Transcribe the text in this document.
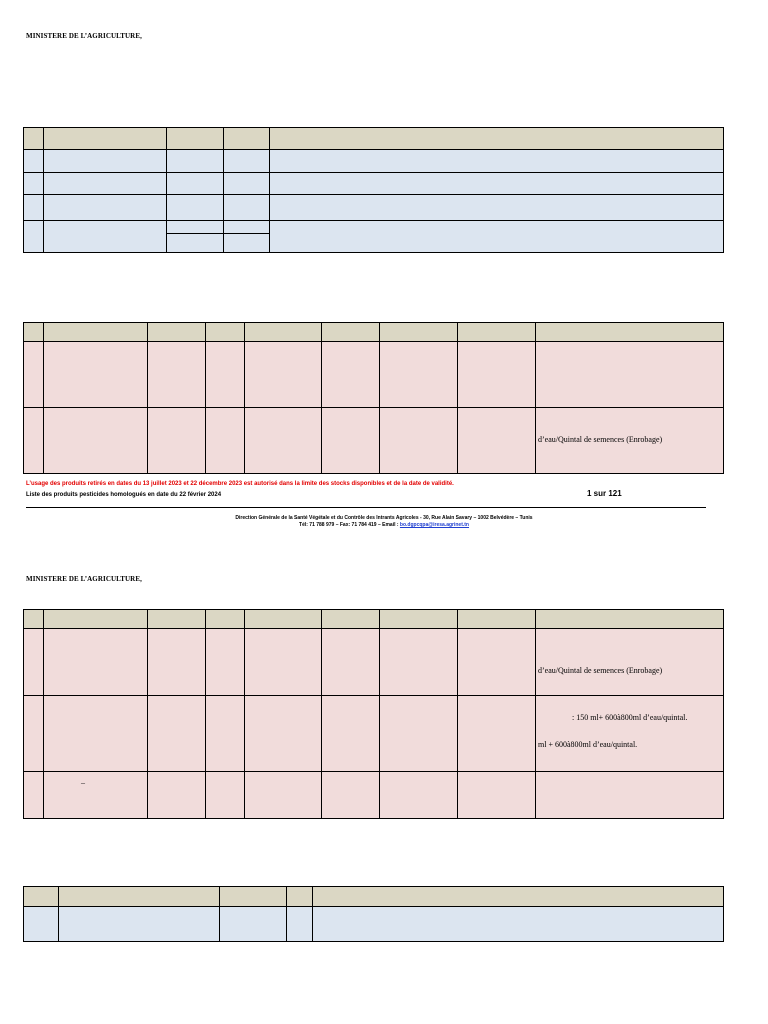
MINISTERE DE L’AGRICULTURE,

								d’eau/Quintal de semences (Enrobage)
L’usage des produits retirés en dates du 13 juillet 2023 et 22 décembre 2023 est autorisé dans la limite des stocks disponibles et de la date de validité.
Liste des produits pesticides homologués en date du 22 février 2024	1 sur 121
Direction Générale de la Santé Végétale et du Contrôle des Intrants Agricoles - 30, Rue Alain Savary – 1002 Belvédère – Tunis
Tél: 71 788 979 – Fax: 71 784 419 – Email : bo.dgpcqpa@iresa.agrinet.tn
MINISTERE DE L’AGRICULTURE,

								d’eau/Quintal de semences (Enrobage)

								: 150 ml+ 600à800ml d’eau/quintal.
ml + 600à800ml d’eau/quintal.

	–							
